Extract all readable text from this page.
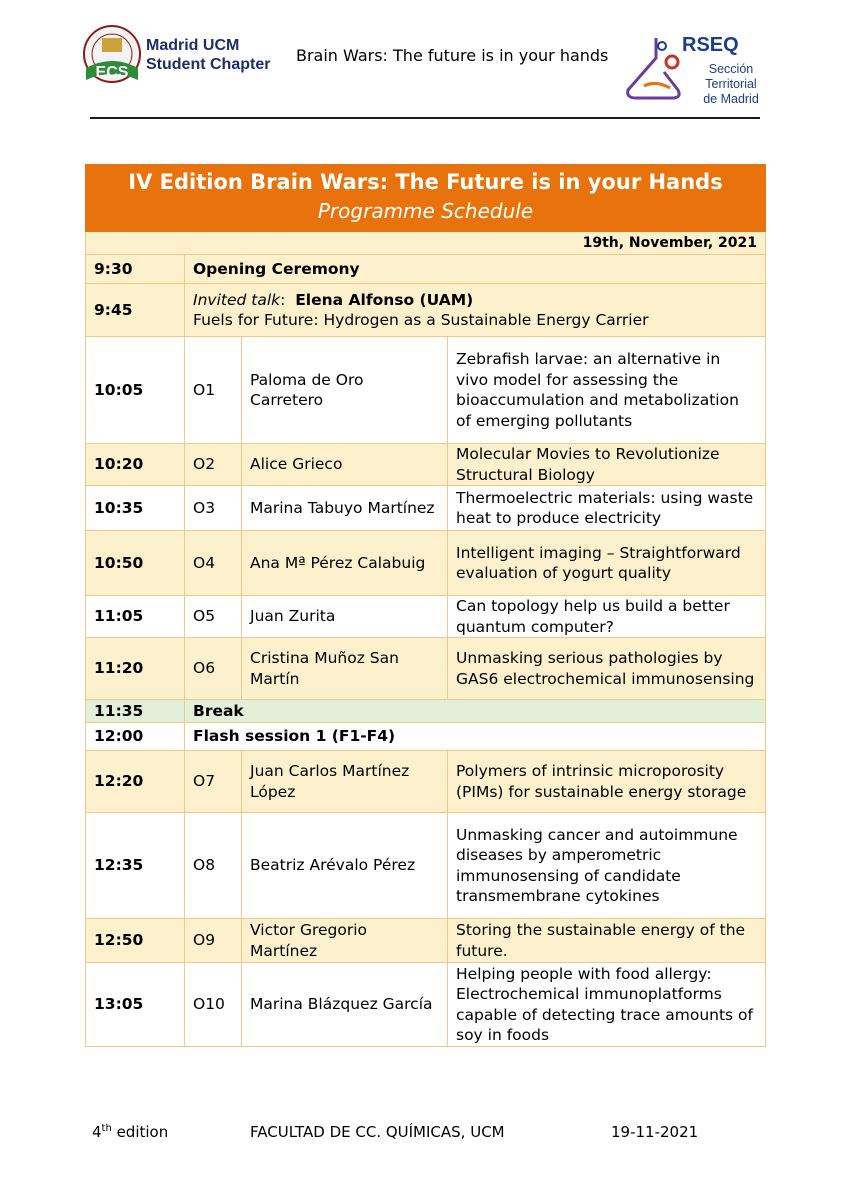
ECS
Madrid UCM
Student Chapter Brain Wars: The future is in your hands	RSEQ
Sección
Territorial
de Madrid
IV Edition Brain Wars: The Future is in your Hands
Programme Schedule			

19th, November, 2021			
9:30	Opening Ceremony		
9:45	Invited talk: Elena Alfonso (UAM)
Fuels for Future: Hydrogen as a Sustainable Energy Carrier		

10:05	O1	Paloma de Oro Carretero	Zebrafish larvae: an alternative in vivo model for assessing the bioaccumulation and metabolization of emerging pollutants
10:20	O2	Alice Grieco	Molecular Movies to Revolutionize Structural Biology
10:35	O3	Marina Tabuyo Martínez	Thermoelectric materials: using waste heat to produce electricity
10:50	O4	Ana Mª Pérez Calabuig	Intelligent imaging – Straightforward evaluation of yogurt quality
11:05	O5	Juan Zurita	Can topology help us build a better quantum computer?
11:20	O6	Cristina Muñoz San Martín	Unmasking serious pathologies by GAS6 electrochemical immunosensing
11:35	Break		
12:00	Flash session 1 (F1-F4)		
12:20	O7	Juan Carlos Martínez López	Polymers of intrinsic microporosity (PIMs) for sustainable energy storage
12:35	O8	Beatriz Arévalo Pérez	Unmasking cancer and autoimmune diseases by amperometric immunosensing of candidate transmembrane cytokines
12:50	O9	Victor Gregorio Martínez	Storing the sustainable energy of the future.
13:05	O10	Marina Blázquez García	Helping people with food allergy: Electrochemical immunoplatforms capable of detecting trace amounts of soy in foods
4th edition	FACULTAD DE CC. QUÍMICAS, UCM	19-11-2021
